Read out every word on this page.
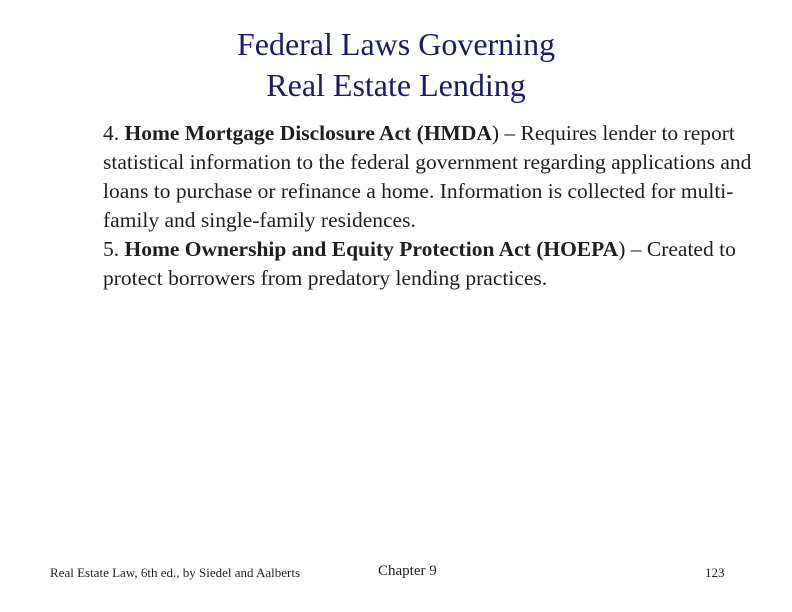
Federal Laws Governing
Real Estate Lending

4. Home Mortgage Disclosure Act (HMDA) – Requires lender to report statistical information to the federal government regarding applications and loans to purchase or refinance a home. Information is collected for multi-family and single-family residences.

5. Home Ownership and Equity Protection Act (HOEPA) – Created to protect borrowers from predatory lending practices.

Real Estate Law, 6th ed., by Siedel and Aalberts	Chapter 9	123
